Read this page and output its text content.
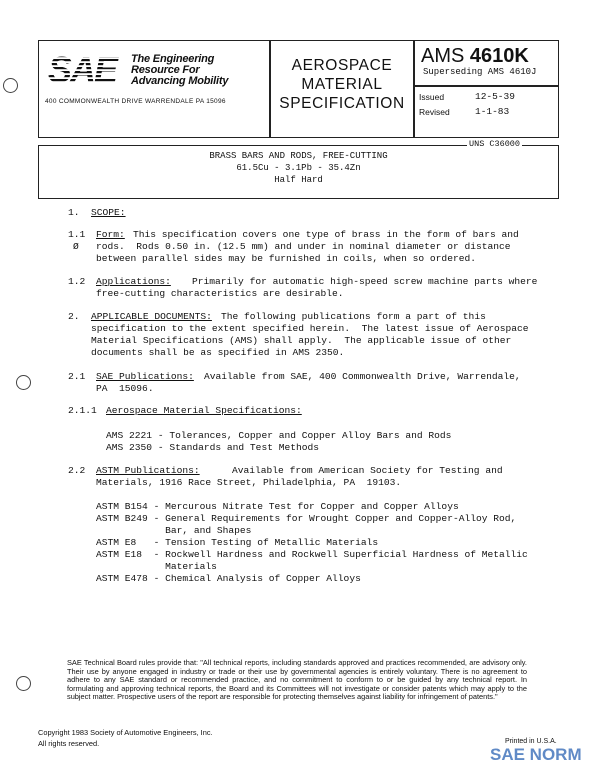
SAE The Engineering
Resource For
Advancing Mobility
400 COMMONWEALTH DRIVE WARRENDALE PA 15096
AEROSPACE
MATERIAL
SPECIFICATION
AMS 4610K
Superseding AMS 4610J
Issued	12-5-39
Revised	1-1-83
BRASS BARS AND RODS, FREE-CUTTING
61.5Cu - 3.1Pb - 35.4Zn
Half Hard
UNS C36000
1. SCOPE:
1.1
Ø
Form: This specification covers one type of brass in the form of bars and
rods.  Rods 0.50 in. (12.5 mm) and under in nominal diameter or distance
between parallel sides may be furnished in coils, when so ordered.
1.2 Applications: Primarily for automatic high-speed screw machine parts where
free-cutting characteristics are desirable.
2. APPLICABLE DOCUMENTS: The following publications form a part of this
specification to the extent specified herein.  The latest issue of Aerospace
Material Specifications (AMS) shall apply.  The applicable issue of other
documents shall be as specified in AMS 2350.
2.1 SAE Publications: Available from SAE, 400 Commonwealth Drive, Warrendale,
PA  15096.
2.1.1 Aerospace Material Specifications:
AMS 2221 - Tolerances, Copper and Copper Alloy Bars and Rods
AMS 2350 - Standards and Test Methods
2.2 ASTM Publications:	Available from American Society for Testing and
Materials, 1916 Race Street, Philadelphia, PA  19103.
ASTM B154 - Mercurous Nitrate Test for Copper and Copper Alloys
ASTM B249 - General Requirements for Wrought Copper and Copper-Alloy Rod,
Bar, and Shapes
ASTM E8   - Tension Testing of Metallic Materials
ASTM E18  - Rockwell Hardness and Rockwell Superficial Hardness of Metallic
Materials
ASTM E478 - Chemical Analysis of Copper Alloys
SAE Technical Board rules provide that: "All technical reports, including standards approved and practices recommended, are advisory only. Their use by anyone engaged in industry or trade or their use by governmental agencies is entirely voluntary. There is no agreement to adhere to any SAE standard or recommended practice, and no commitment to conform to or be guided by any technical report. In formulating and approving technical reports, the Board and its Committees will not investigate or consider patents which may apply to the subject matter. Prospective users of the report are responsible for protecting themselves against liability for infringement of patents."
Copyright 1983 Society of Automotive Engineers, Inc.
All rights reserved.	Printed in U.S.A.
SAE NORM
